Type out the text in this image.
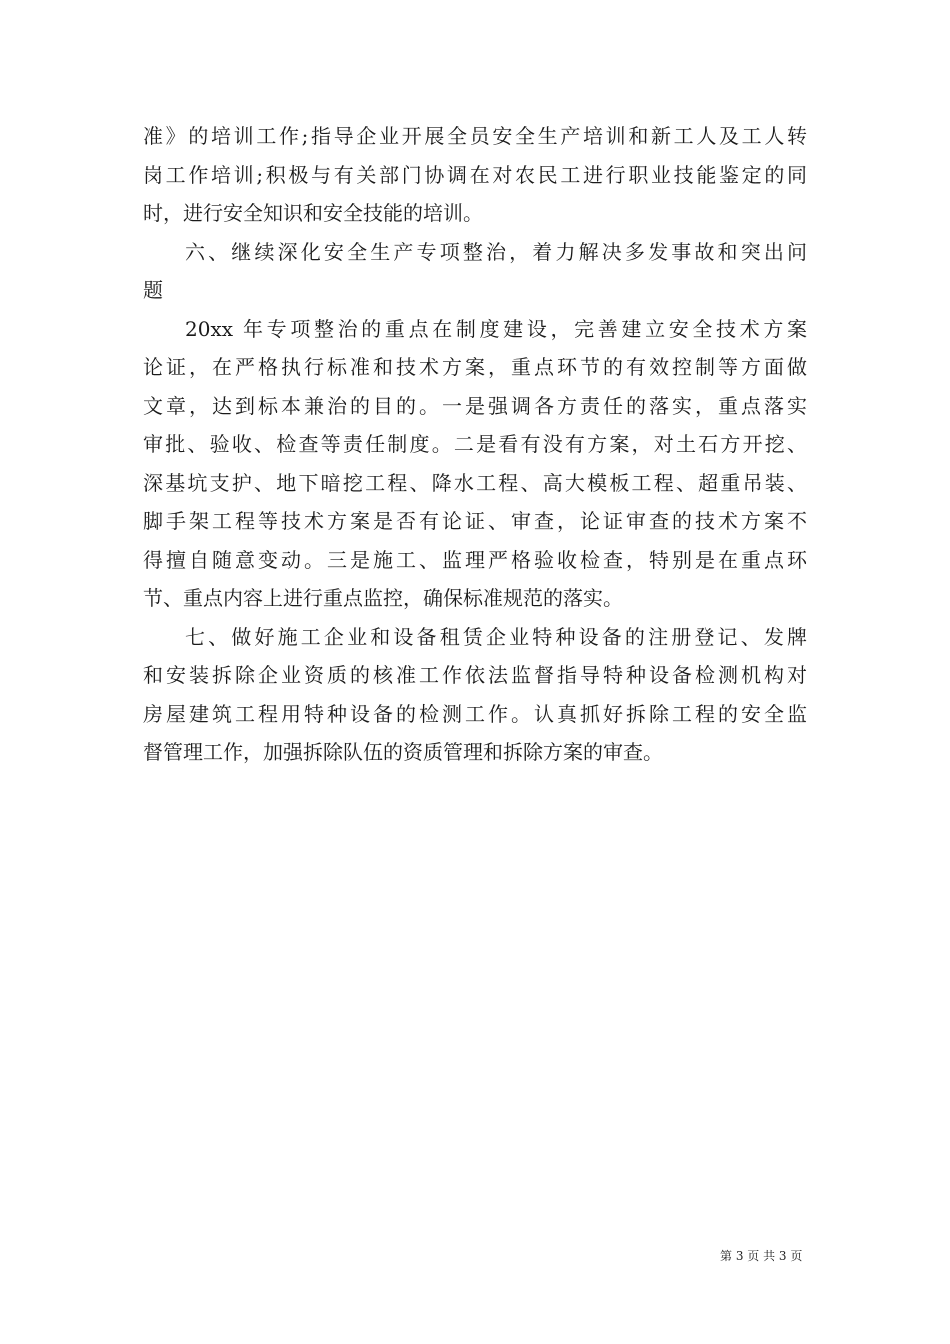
准》的培训工作;指导企业开展全员安全生产培训和新工人及工人转
岗工作培训;积极与有关部门协调在对农民工进行职业技能鉴定的同
时，进行安全知识和安全技能的培训。
六、继续深化安全生产专项整治，着力解决多发事故和突出问
题
20xx 年专项整治的重点在制度建设，完善建立安全技术方案
论证，在严格执行标准和技术方案，重点环节的有效控制等方面做
文章，达到标本兼治的目的。一是强调各方责任的落实，重点落实
审批、验收、检查等责任制度。二是看有没有方案，对土石方开挖、
深基坑支护、地下暗挖工程、降水工程、高大模板工程、超重吊装、
脚手架工程等技术方案是否有论证、审查，论证审查的技术方案不
得擅自随意变动。三是施工、监理严格验收检查，特别是在重点环
节、重点内容上进行重点监控，确保标准规范的落实。
七、做好施工企业和设备租赁企业特种设备的注册登记、发牌
和安装拆除企业资质的核准工作依法监督指导特种设备检测机构对
房屋建筑工程用特种设备的检测工作。认真抓好拆除工程的安全监
督管理工作，加强拆除队伍的资质管理和拆除方案的审查。
第 3 页 共 3 页
